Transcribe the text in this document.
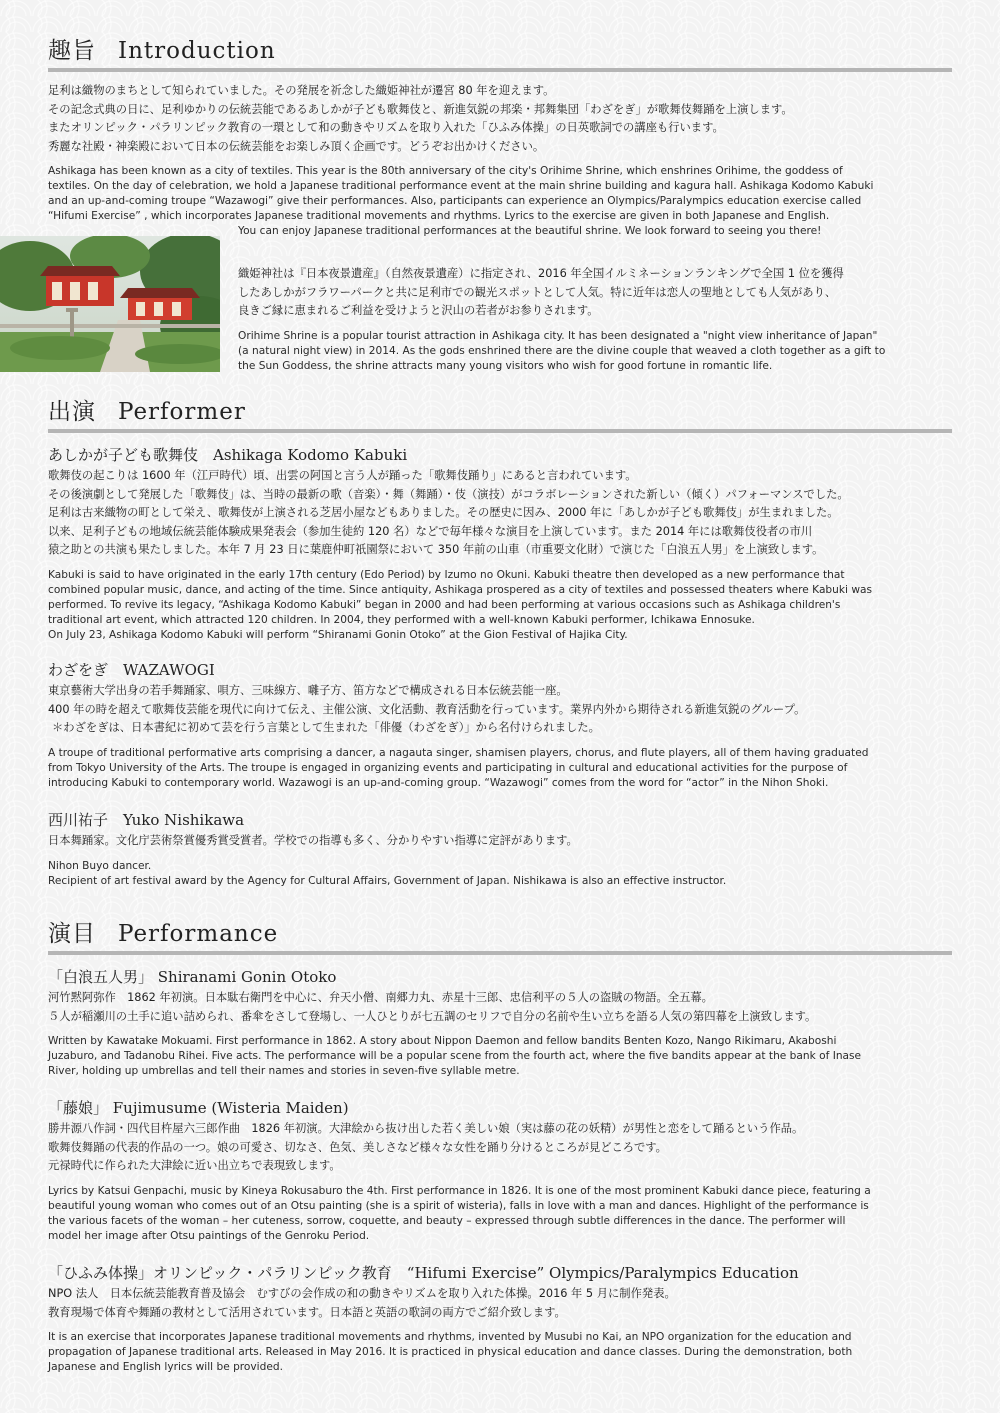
趣旨 Introduction
足利は織物のまちとして知られていました。その発展を祈念した織姫神社が遷宮 80 年を迎えます。
その記念式典の日に、足利ゆかりの伝統芸能であるあしかが子ども歌舞伎と、新進気鋭の邦楽・邦舞集団「わざをぎ」が歌舞伎舞踊を上演します。
またオリンピック・パラリンピック教育の一環として和の動きやリズムを取り入れた「ひふみ体操」の日英歌詞での講座も行います。
秀麗な社殿・神楽殿において日本の伝統芸能をお楽しみ頂く企画です。どうぞお出かけください。
Ashikaga has been known as a city of textiles. This year is the 80th anniversary of the city's Orihime Shrine, which enshrines Orihime, the goddess of
textiles. On the day of celebration, we hold a Japanese traditional performance event at the main shrine building and kagura hall. Ashikaga Kodomo Kabuki
and an up-and-coming troupe “Wazawogi” give their performances. Also, participants can experience an Olympics/Paralympics education exercise called
“Hifumi Exercise” , which incorporates Japanese traditional movements and rhythms. Lyrics to the exercise are given in both Japanese and English.
You can enjoy Japanese traditional performances at the beautiful shrine. We look forward to seeing you there!
織姫神社は『日本夜景遺産』（自然夜景遺産）に指定され、2016 年全国イルミネーションランキングで全国 1 位を獲得
したあしかがフラワーパークと共に足利市での観光スポットとして人気。特に近年は恋人の聖地としても人気があり、
良きご縁に恵まれるご利益を受けようと沢山の若者がお参りされます。
Orihime Shrine is a popular tourist attraction in Ashikaga city. It has been designated a "night view inheritance of Japan"
(a natural night view) in 2014. As the gods enshrined there are the divine couple that weaved a cloth together as a gift to
the Sun Goddess, the shrine attracts many young visitors who wish for good fortune in romantic life.
出演 Performer
あしかが子ども歌舞伎　Ashikaga Kodomo Kabuki
歌舞伎の起こりは 1600 年（江戸時代）頃、出雲の阿国と言う人が踊った「歌舞伎踊り」にあると言われています。
その後演劇として発展した「歌舞伎」は、当時の最新の歌（音楽）・舞（舞踊）・伎（演技）がコラボレーションされた新しい（傾く）パフォーマンスでした。
足利は古来織物の町として栄え、歌舞伎が上演される芝居小屋などもありました。その歴史に因み、2000 年に「あしかが子ども歌舞伎」が生まれました。
以来、足利子どもの地域伝統芸能体験成果発表会（参加生徒約 120 名）などで毎年様々な演目を上演しています。また 2014 年には歌舞伎役者の市川
猿之助との共演も果たしました。本年 7 月 23 日に葉鹿仲町祇園祭において 350 年前の山車（市重要文化財）で演じた「白浪五人男」を上演致します。
Kabuki is said to have originated in the early 17th century (Edo Period) by Izumo no Okuni. Kabuki theatre then developed as a new performance that
combined popular music, dance, and acting of the time. Since antiquity, Ashikaga prospered as a city of textiles and possessed theaters where Kabuki was
performed. To revive its legacy, “Ashikaga Kodomo Kabuki” began in 2000 and had been performing at various occasions such as Ashikaga children's
traditional art event, which attracted 120 children. In 2004, they performed with a well-known Kabuki performer, Ichikawa Ennosuke.
On July 23, Ashikaga Kodomo Kabuki will perform “Shiranami Gonin Otoko” at the Gion Festival of Hajika City.
わざをぎ　WAZAWOGI
東京藝術大学出身の若手舞踊家、唄方、三味線方、囃子方、笛方などで構成される日本伝統芸能一座。
400 年の時を超えて歌舞伎芸能を現代に向けて伝え、主催公演、文化活動、教育活動を行っています。業界内外から期待される新進気鋭のグループ。
＊わざをぎは、日本書紀に初めて芸を行う言葉として生まれた「俳優（わざをぎ）」から名付けられました。
A troupe of traditional performative arts comprising a dancer, a nagauta singer, shamisen players, chorus, and flute players, all of them having graduated
from Tokyo University of the Arts. The troupe is engaged in organizing events and participating in cultural and educational activities for the purpose of
introducing Kabuki to contemporary world. Wazawogi is an up-and-coming group. “Wazawogi” comes from the word for “actor” in the Nihon Shoki.
西川祐子　Yuko Nishikawa
日本舞踊家。文化庁芸術祭賞優秀賞受賞者。学校での指導も多く、分かりやすい指導に定評があります。
Nihon Buyo dancer.
Recipient of art festival award by the Agency for Cultural Affairs, Government of Japan. Nishikawa is also an effective instructor.
演目 Performance
「白浪五人男」 Shiranami Gonin Otoko
河竹黙阿弥作　1862 年初演。日本駄右衛門を中心に、弁天小僧、南郷力丸、赤星十三郎、忠信利平の５人の盗賊の物語。全五幕。
５人が稲瀬川の土手に追い詰められ、番傘をさして登場し、一人ひとりが七五調のセリフで自分の名前や生い立ちを語る人気の第四幕を上演致します。
Written by Kawatake Mokuami. First performance in 1862. A story about Nippon Daemon and fellow bandits Benten Kozo, Nango Rikimaru, Akaboshi
Juzaburo, and Tadanobu Rihei. Five acts. The performance will be a popular scene from the fourth act, where the five bandits appear at the bank of Inase
River, holding up umbrellas and tell their names and stories in seven-five syllable metre.
「藤娘」 Fujimusume (Wisteria Maiden)
勝井源八作詞・四代目杵屋六三郎作曲　1826 年初演。大津絵から抜け出した若く美しい娘（実は藤の花の妖精）が男性と恋をして踊るという作品。
歌舞伎舞踊の代表的作品の一つ。娘の可愛さ、切なさ、色気、美しさなど様々な女性を踊り分けるところが見どころです。
元禄時代に作られた大津絵に近い出立ちで表現致します。
Lyrics by Katsui Genpachi, music by Kineya Rokusaburo the 4th. First performance in 1826. It is one of the most prominent Kabuki dance piece, featuring a
beautiful young woman who comes out of an Otsu painting (she is a spirit of wisteria), falls in love with a man and dances. Highlight of the performance is
the various facets of the woman – her cuteness, sorrow, coquette, and beauty – expressed through subtle differences in the dance. The performer will
model her image after Otsu paintings of the Genroku Period.
「ひふみ体操」オリンピック・パラリンピック教育　“Hifumi Exercise” Olympics/Paralympics Education
NPO 法人　日本伝統芸能教育普及協会　むすびの会作成の和の動きやリズムを取り入れた体操。2016 年 5 月に制作発表。
教育現場で体育や舞踊の教材として活用されています。日本語と英語の歌詞の両方でご紹介致します。
It is an exercise that incorporates Japanese traditional movements and rhythms, invented by Musubi no Kai, an NPO organization for the education and
propagation of Japanese traditional arts. Released in May 2016. It is practiced in physical education and dance classes. During the demonstration, both
Japanese and English lyrics will be provided.
